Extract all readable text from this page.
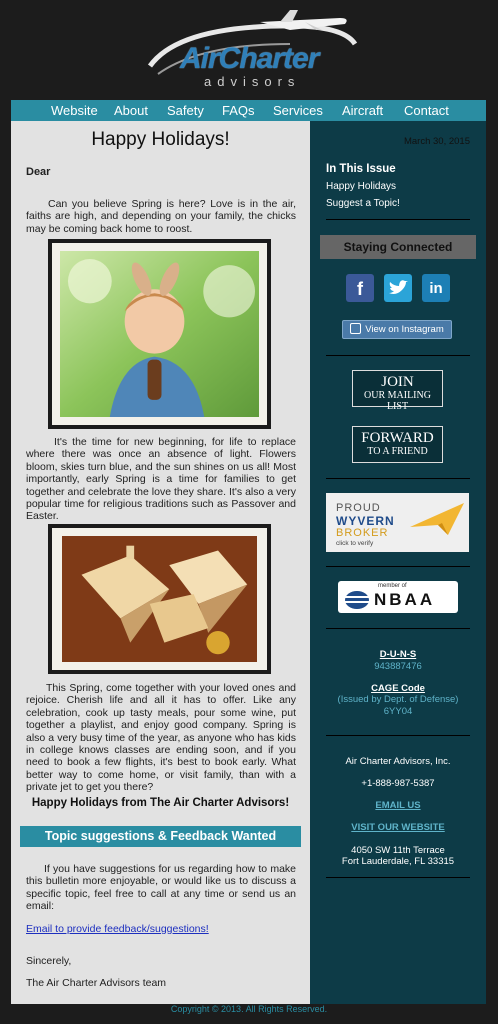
AirCharter
advisors
Website About Safety FAQs Services Aircraft Contact
Happy Holidays!
Dear
Can you believe Spring is here? Love is in the air, faiths are high, and depending on your family, the chicks may be coming back home to roost.
It's the time for new beginning, for life to replace where there was once an absence of light. Flowers bloom, skies turn blue, and the sun shines on us all! Most importantly, early Spring is a time for families to get together and celebrate the love they share. It's also a very popular time for religious traditions such as Passover and Easter.
This Spring, come together with your loved ones and rejoice. Cherish life and all it has to offer. Like any celebration, cook up tasty meals, pour some wine, put together a playlist, and enjoy good company. Spring is also a very busy time of the year, as anyone who has kids in college knows classes are ending soon, and if you need to book a few flights, it's best to book early. What better way to come home, or visit family, than with a private jet to get you there?
Happy Holidays from The Air Charter Advisors!
Topic suggestions & Feedback Wanted
If you have suggestions for us regarding how to make this bulletin more enjoyable, or would like us to discuss a specific topic, feel free to call at any time or send us an email:
Email to provide feedback/suggestions!
Sincerely,
The Air Charter Advisors team
March 30, 2015
In This Issue
Happy Holidays
Suggest a Topic!
Staying Connected
f	in
View on Instagram
JOIN
OUR MAILING LIST
FORWARD
TO A FRIEND
PROUD
WYVERN
BROKER
click to verify
member of
NBAA
D-U-N-S
943887476
CAGE Code
(Issued by Dept. of Defense)
6YY04
Air Charter Advisors, Inc.
+1-888-987-5387
EMAIL US
VISIT OUR WEBSITE
4050 SW 11th Terrace
Fort Lauderdale, FL 33315
Copyright © 2013. All Rights Reserved.
